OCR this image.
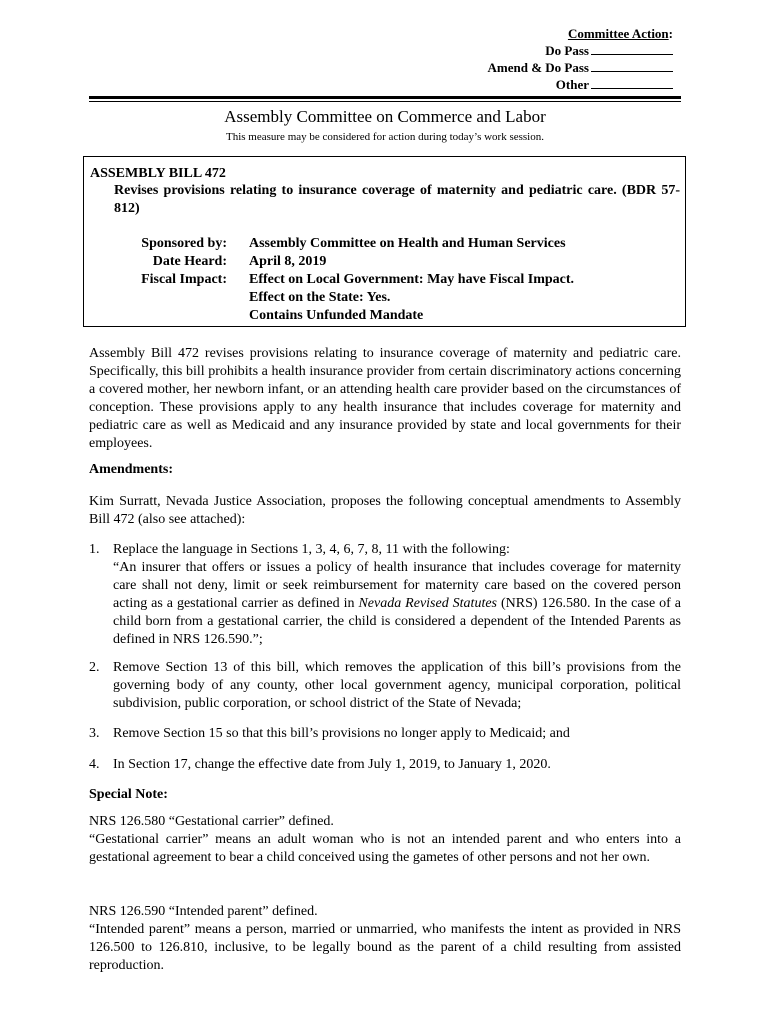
Committee Action:
Do Pass
Amend & Do Pass
Other
Assembly Committee on Commerce and Labor
This measure may be considered for action during today’s work session.
ASSEMBLY BILL 472
Revises provisions relating to insurance coverage of maternity and pediatric care. (BDR 57-812)
Sponsored by: Assembly Committee on Health and Human Services
Date Heard: April 8, 2019
Fiscal Impact: Effect on Local Government: May have Fiscal Impact.
Effect on the State: Yes.
Contains Unfunded Mandate
Assembly Bill 472 revises provisions relating to insurance coverage of maternity and pediatric care. Specifically, this bill prohibits a health insurance provider from certain discriminatory actions concerning a covered mother, her newborn infant, or an attending health care provider based on the circumstances of conception. These provisions apply to any health insurance that includes coverage for maternity and pediatric care as well as Medicaid and any insurance provided by state and local governments for their employees.
Amendments:
Kim Surratt, Nevada Justice Association, proposes the following conceptual amendments to Assembly Bill 472 (also see attached):
1. Replace the language in Sections 1, 3, 4, 6, 7, 8, 11 with the following:
“An insurer that offers or issues a policy of health insurance that includes coverage for maternity care shall not deny, limit or seek reimbursement for maternity care based on the covered person acting as a gestational carrier as defined in Nevada Revised Statutes (NRS) 126.580. In the case of a child born from a gestational carrier, the child is considered a dependent of the Intended Parents as defined in NRS 126.590.”;
2. Remove Section 13 of this bill, which removes the application of this bill’s provisions from the governing body of any county, other local government agency, municipal corporation, political subdivision, public corporation, or school district of the State of Nevada;
3. Remove Section 15 so that this bill’s provisions no longer apply to Medicaid; and
4. In Section 17, change the effective date from July 1, 2019, to January 1, 2020.
Special Note:
NRS 126.580 “Gestational carrier” defined.
“Gestational carrier” means an adult woman who is not an intended parent and who enters into a gestational agreement to bear a child conceived using the gametes of other persons and not her own.
NRS 126.590 “Intended parent” defined.
“Intended parent” means a person, married or unmarried, who manifests the intent as provided in NRS 126.500 to 126.810, inclusive, to be legally bound as the parent of a child resulting from assisted reproduction.
